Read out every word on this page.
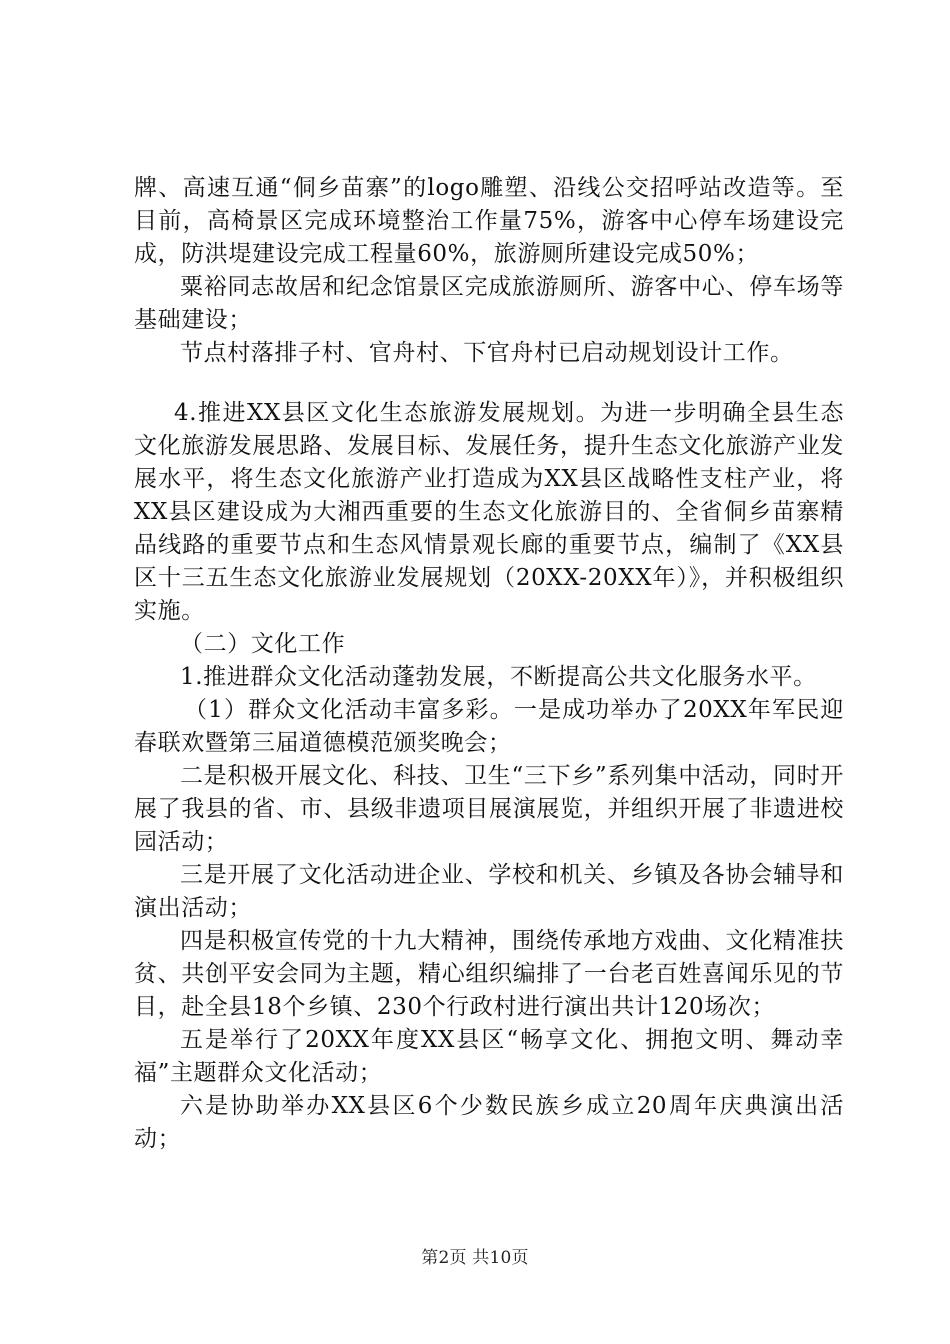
牌、高速互通“侗乡苗寨”的logo雕塑、沿线公交招呼站改造等。至目前，高椅景区完成环境整治工作量75%，游客中心停车场建设完成，防洪堤建设完成工程量60%，旅游厕所建设完成50%；

粟裕同志故居和纪念馆景区完成旅游厕所、游客中心、停车场等基础建设；

节点村落排子村、官舟村、下官舟村已启动规划设计工作。

4.推进XX县区文化生态旅游发展规划。为进一步明确全县生态文化旅游发展思路、发展目标、发展任务，提升生态文化旅游产业发展水平，将生态文化旅游产业打造成为XX县区战略性支柱产业，将XX县区建设成为大湘西重要的生态文化旅游目的、全省侗乡苗寨精品线路的重要节点和生态风情景观长廊的重要节点，编制了《XX县区十三五生态文化旅游业发展规划（20XX-20XX年）》，并积极组织实施。

（二）文化工作

1.推进群众文化活动蓬勃发展，不断提高公共文化服务水平。

（1）群众文化活动丰富多彩。一是成功举办了20XX年军民迎春联欢暨第三届道德模范颁奖晚会；

二是积极开展文化、科技、卫生“三下乡”系列集中活动，同时开展了我县的省、市、县级非遗项目展演展览，并组织开展了非遗进校园活动；

三是开展了文化活动进企业、学校和机关、乡镇及各协会辅导和演出活动；

四是积极宣传党的十九大精神，围绕传承地方戏曲、文化精准扶贫、共创平安会同为主题，精心组织编排了一台老百姓喜闻乐见的节目，赴全县18个乡镇、230个行政村进行演出共计120场次；

五是举行了20XX年度XX县区“畅享文化、拥抱文明、舞动幸福”主题群众文化活动；

六是协助举办XX县区6个少数民族乡成立20周年庆典演出活动；

第2页 共10页
